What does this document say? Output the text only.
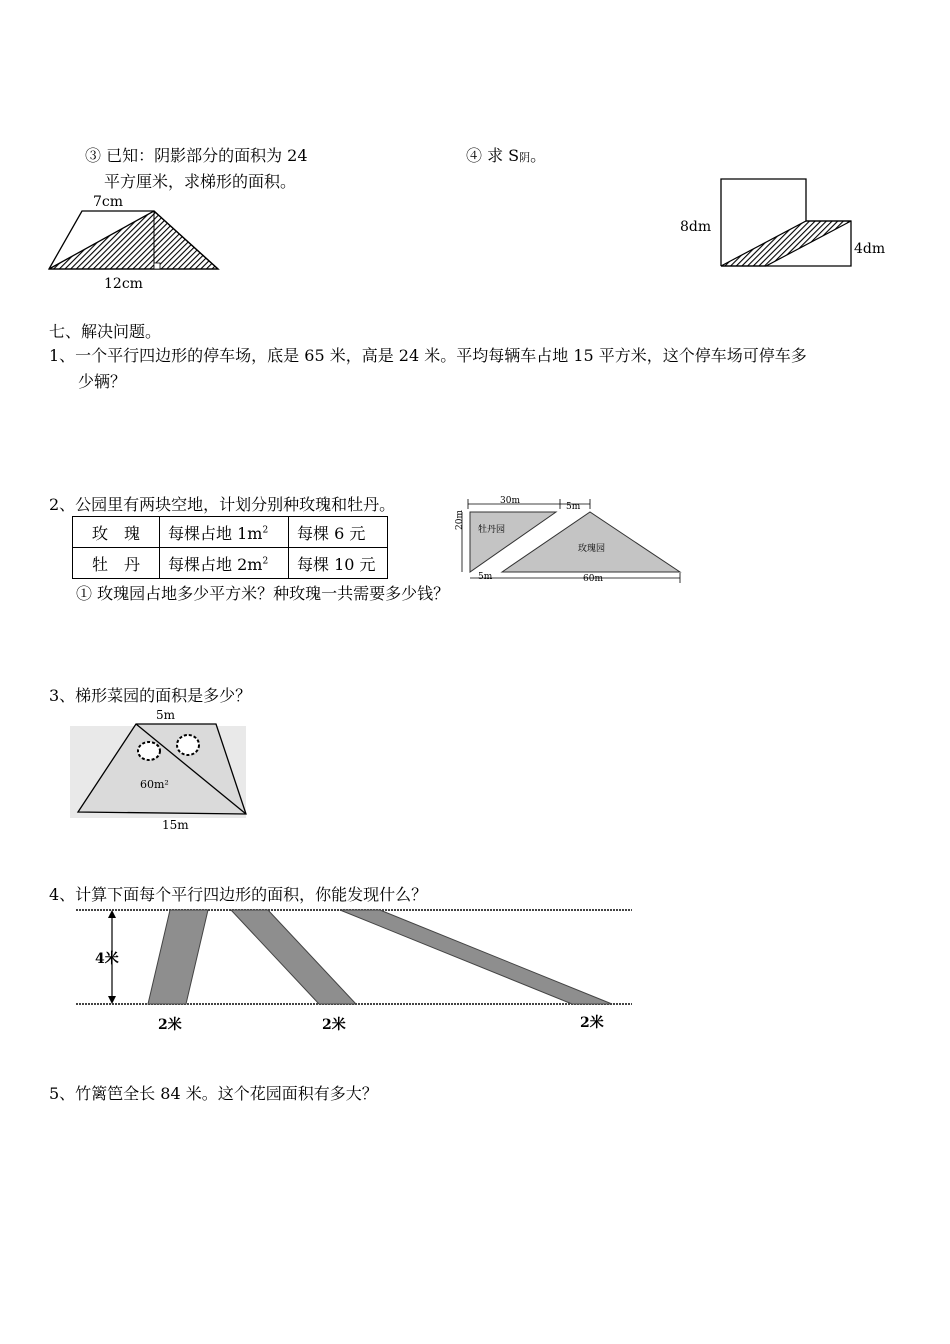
③ 已知：阴影部分的面积为 24
平方厘米，求梯形的面积。
7cm
12cm
④ 求 S阴。
8dm
4dm
七、解决问题。
1、一个平行四边形的停车场，底是 65 米，高是 24 米。平均每辆车占地 15 平方米，这个停车场可停车多
少辆？
2、公园里有两块空地，计划分别种玫瑰和牡丹。
玫　瑰	每棵占地 $1m^2$	每棵 6 元
牡　丹	每棵占地 $2m^2$	每棵 10 元
30m
5m
20m 牡丹园
玫瑰园
5m	60m
① 玫瑰园占地多少平方米？种玫瑰一共需要多少钱？
3、梯形菜园的面积是多少？
5m
60m²
15m
4、计算下面每个平行四边形的面积，你能发现什么？
4米
2米	2米	2米
5、竹篱笆全长 84 米。这个花园面积有多大？
